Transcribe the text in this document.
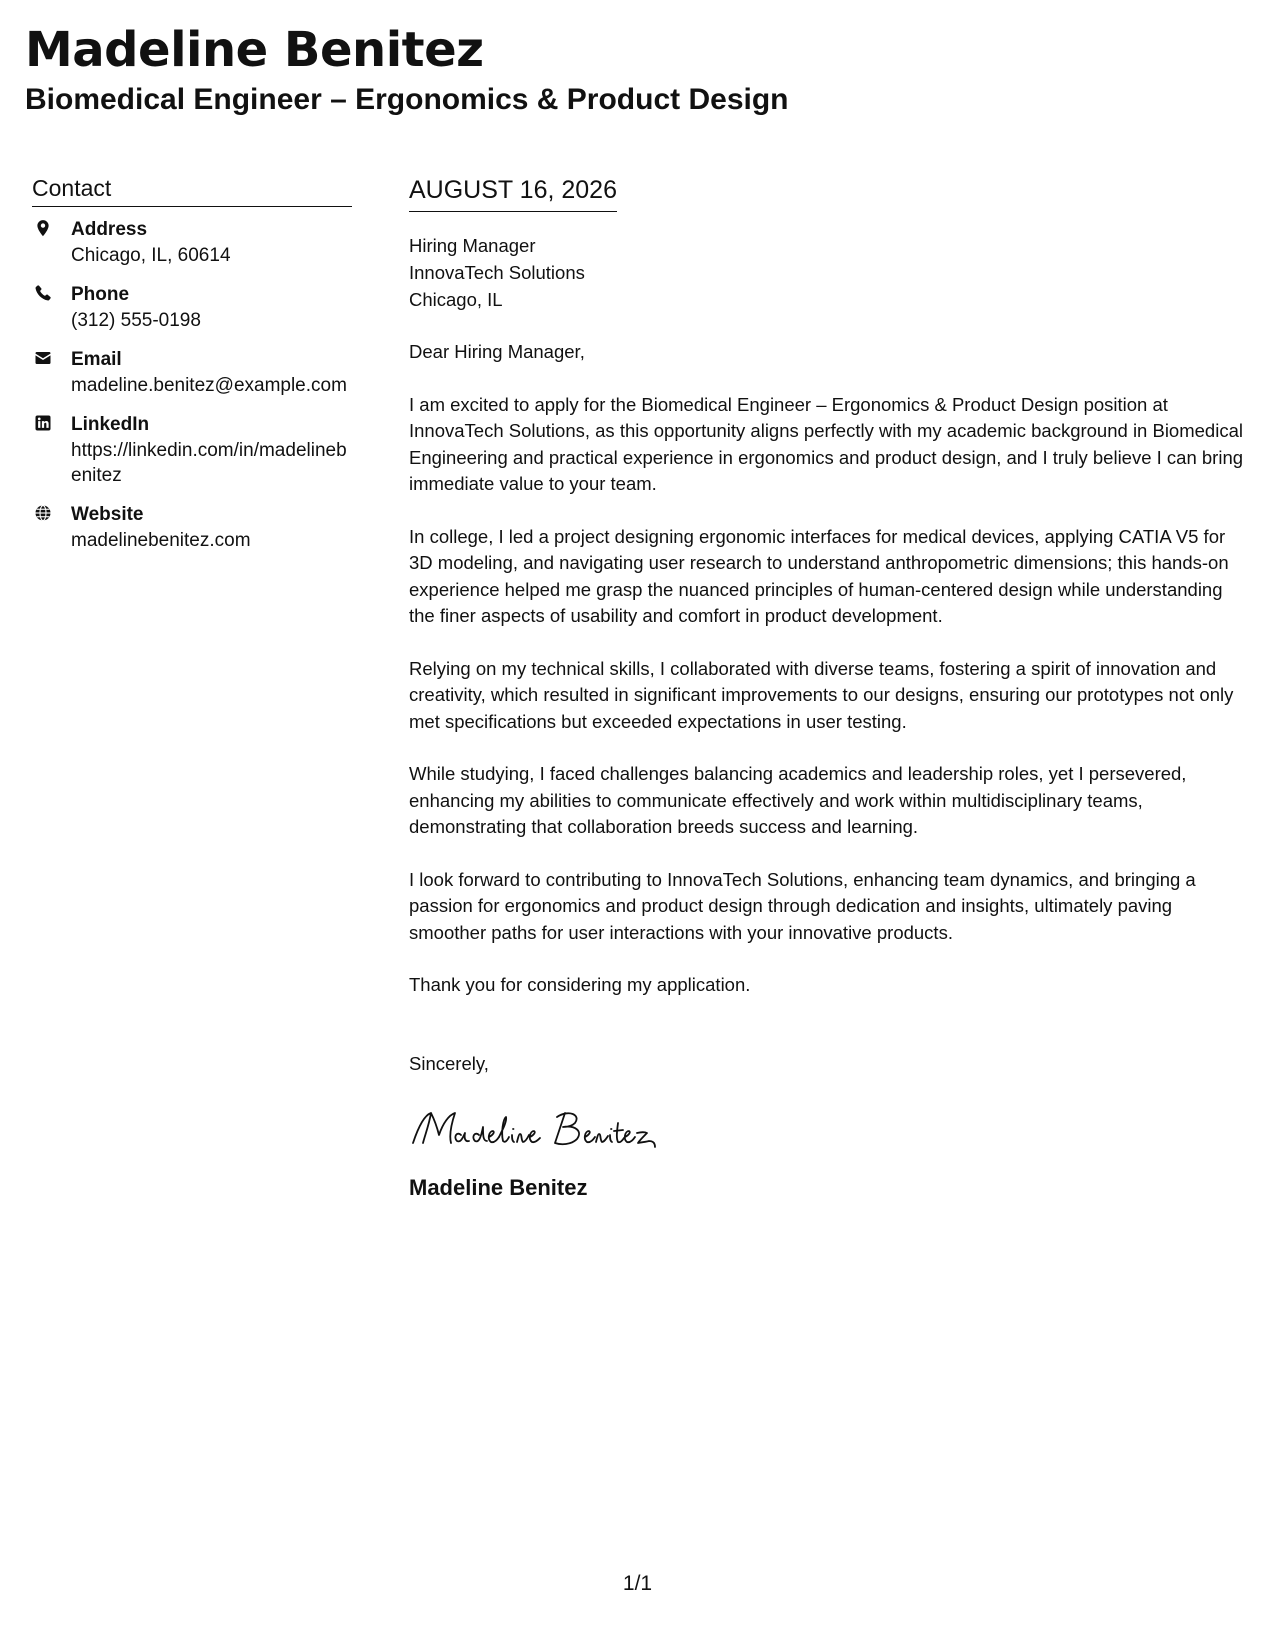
Madeline Benitez
Biomedical Engineer – Ergonomics & Product Design
Contact
Address
Chicago, IL, 60614
Phone
(312) 555-0198
Email
madeline.benitez@example.com
LinkedIn
https://linkedin.com/in/madelinebenitez
Website
madelinebenitez.com
AUGUST 16, 2026
Hiring Manager
InnovaTech Solutions
Chicago, IL

Dear Hiring Manager,

I am excited to apply for the Biomedical Engineer – Ergonomics & Product Design position at InnovaTech Solutions, as this opportunity aligns perfectly with my academic background in Biomedical Engineering and practical experience in ergonomics and product design, and I truly believe I can bring immediate value to your team.

In college, I led a project designing ergonomic interfaces for medical devices, applying CATIA V5 for 3D modeling, and navigating user research to understand anthropometric dimensions; this hands-on experience helped me grasp the nuanced principles of human-centered design while understanding the finer aspects of usability and comfort in product development.

Relying on my technical skills, I collaborated with diverse teams, fostering a spirit of innovation and creativity, which resulted in significant improvements to our designs, ensuring our prototypes not only met specifications but exceeded expectations in user testing.

While studying, I faced challenges balancing academics and leadership roles, yet I persevered, enhancing my abilities to communicate effectively and work within multidisciplinary teams, demonstrating that collaboration breeds success and learning.

I look forward to contributing to InnovaTech Solutions, enhancing team dynamics, and bringing a passion for ergonomics and product design through dedication and insights, ultimately paving smoother paths for user interactions with your innovative products.

Thank you for considering my application.

Sincerely,
Madeline Benitez
1/1
